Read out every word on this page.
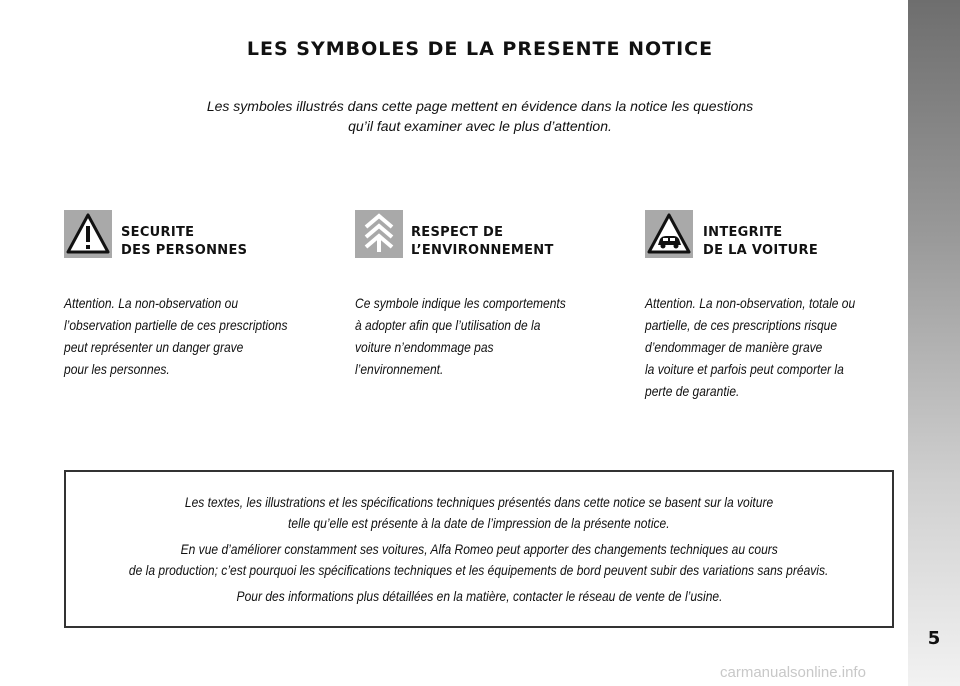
LES SYMBOLES DE LA PRESENTE NOTICE
Les symboles illustrés dans cette page mettent en évidence dans la notice les questions
qu’il faut examiner avec le plus d’attention.
SECURITE
DES PERSONNES
Attention. La non-observation ou
l’observation partielle de ces prescriptions
peut représenter un danger grave
pour les personnes.
RESPECT DE
L’ENVIRONNEMENT
Ce symbole indique les comportements
à adopter afin que l’utilisation de la
voiture n’endommage pas
l’environnement.
INTEGRITE
DE LA VOITURE
Attention. La non-observation, totale ou
partielle, de ces prescriptions risque
d’endommager de manière grave
la voiture et parfois peut comporter la
perte de garantie.
Les textes, les illustrations et les spécifications techniques présentés dans cette notice se basent sur la voiture
telle qu’elle est présente à la date de l’impression de la présente notice.
En vue d’améliorer constamment ses voitures, Alfa Romeo peut apporter des changements techniques au cours
de la production; c’est pourquoi les spécifications techniques et les équipements de bord peuvent subir des variations sans préavis.
Pour des informations plus détaillées en la matière, contacter le réseau de vente de l’usine.
5
carmanualsonline.info
